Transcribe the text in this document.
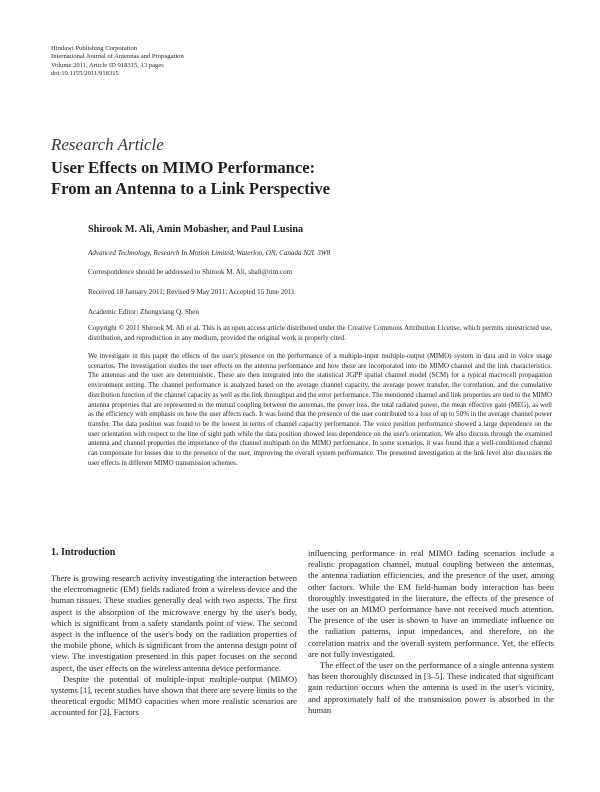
Hindawi Publishing Corporation
International Journal of Antennas and Propagation
Volume 2011, Article ID 918315, 13 pages
doi:10.1155/2011/918315
Research Article
User Effects on MIMO Performance:
From an Antenna to a Link Perspective
Shirook M. Ali, Amin Mobasher, and Paul Lusina
Advanced Technology, Research In Motion Limited, Waterloo, ON, Canada N2L 3W8
Correspondence should be addressed to Shirook M. Ali, shali@rim.com
Received 18 January 2011; Revised 9 May 2011; Accepted 15 June 2011
Academic Editor: Zhongxiang Q. Shen
Copyright © 2011 Shirook M. Ali et al. This is an open access article distributed under the Creative Commons Attribution License, which permits unrestricted use, distribution, and reproduction in any medium, provided the original work is properly cited.
We investigate in this paper the effects of the user's presence on the performance of a multiple-input multiple-output (MIMO) system in data and in voice usage scenarios. The investigation studies the user effects on the antenna performance and how these are incorporated into the MIMO channel and the link characteristics. The antennas and the user are deterministic. These are then integrated into the statistical 3GPP spatial channel model (SCM) for a typical macrocell propagation environment setting. The channel performance is analyzed based on the average channel capacity, the average power transfer, the correlation, and the cumulative distribution function of the channel capacity as well as the link throughput and the error performance. The mentioned channel and link properties are tied to the MIMO antenna properties that are represented in the mutual coupling between the antennas, the power loss, the total radiated power, the mean effective gain (MEG), as well as the efficiency with emphasis on how the user affects each. It was found that the presence of the user contributed to a loss of up to 50% in the average channel power transfer. The data position was found to be the lowest in terms of channel capacity performance. The voice position performance showed a large dependence on the user orientation with respect to the line of sight path while the data position showed less dependence on the user's orientation. We also discuss through the examined antenna and channel properties the importance of the channel multipath on the MIMO performance. In some scenarios, it was found that a well-conditioned channel can compensate for losses due to the presence of the user, improving the overall system performance. The presented investigation at the link level also discusses the user effects in different MIMO transmission schemes.
1. Introduction

There is growing research activity investigating the interaction between the electromagnetic (EM) fields radiated from a wireless device and the human tissues. These studies generally deal with two aspects. The first aspect is the absorption of the microwave energy by the user's body, which is significant from a safety standards point of view. The second aspect is the influence of the user's body on the radiation properties of the mobile phone, which is significant from the antenna design point of view. The investigation presented in this paper focuses on the second aspect, the user effects on the wireless antenna device performance.

Despite the potential of multiple-input multiple-output (MIMO) systems [1], recent studies have shown that there are severe limits to the theoretical ergodic MIMO capacities when more realistic scenarios are accounted for [2]. Factors

influencing performance in real MIMO fading scenarios include a realistic propagation channel, mutual coupling between the antennas, the antenna radiation efficiencies, and the presence of the user, among other factors. While the EM field-human body interaction has been thoroughly investigated in the literature, the effects of the presence of the user on an MIMO performance have not received much attention. The presence of the user is shown to have an immediate influence on the radiation patterns, input impedances, and therefore, on the correlation matrix and the overall system performance. Yet, the effects are not fully investigated.

The effect of the user on the performance of a single antenna system has been thoroughly discussed in [3–5]. These indicated that significant gain reduction occurs when the antenna is used in the user's vicinity, and approximately half of the transmission power is absorbed in the human
